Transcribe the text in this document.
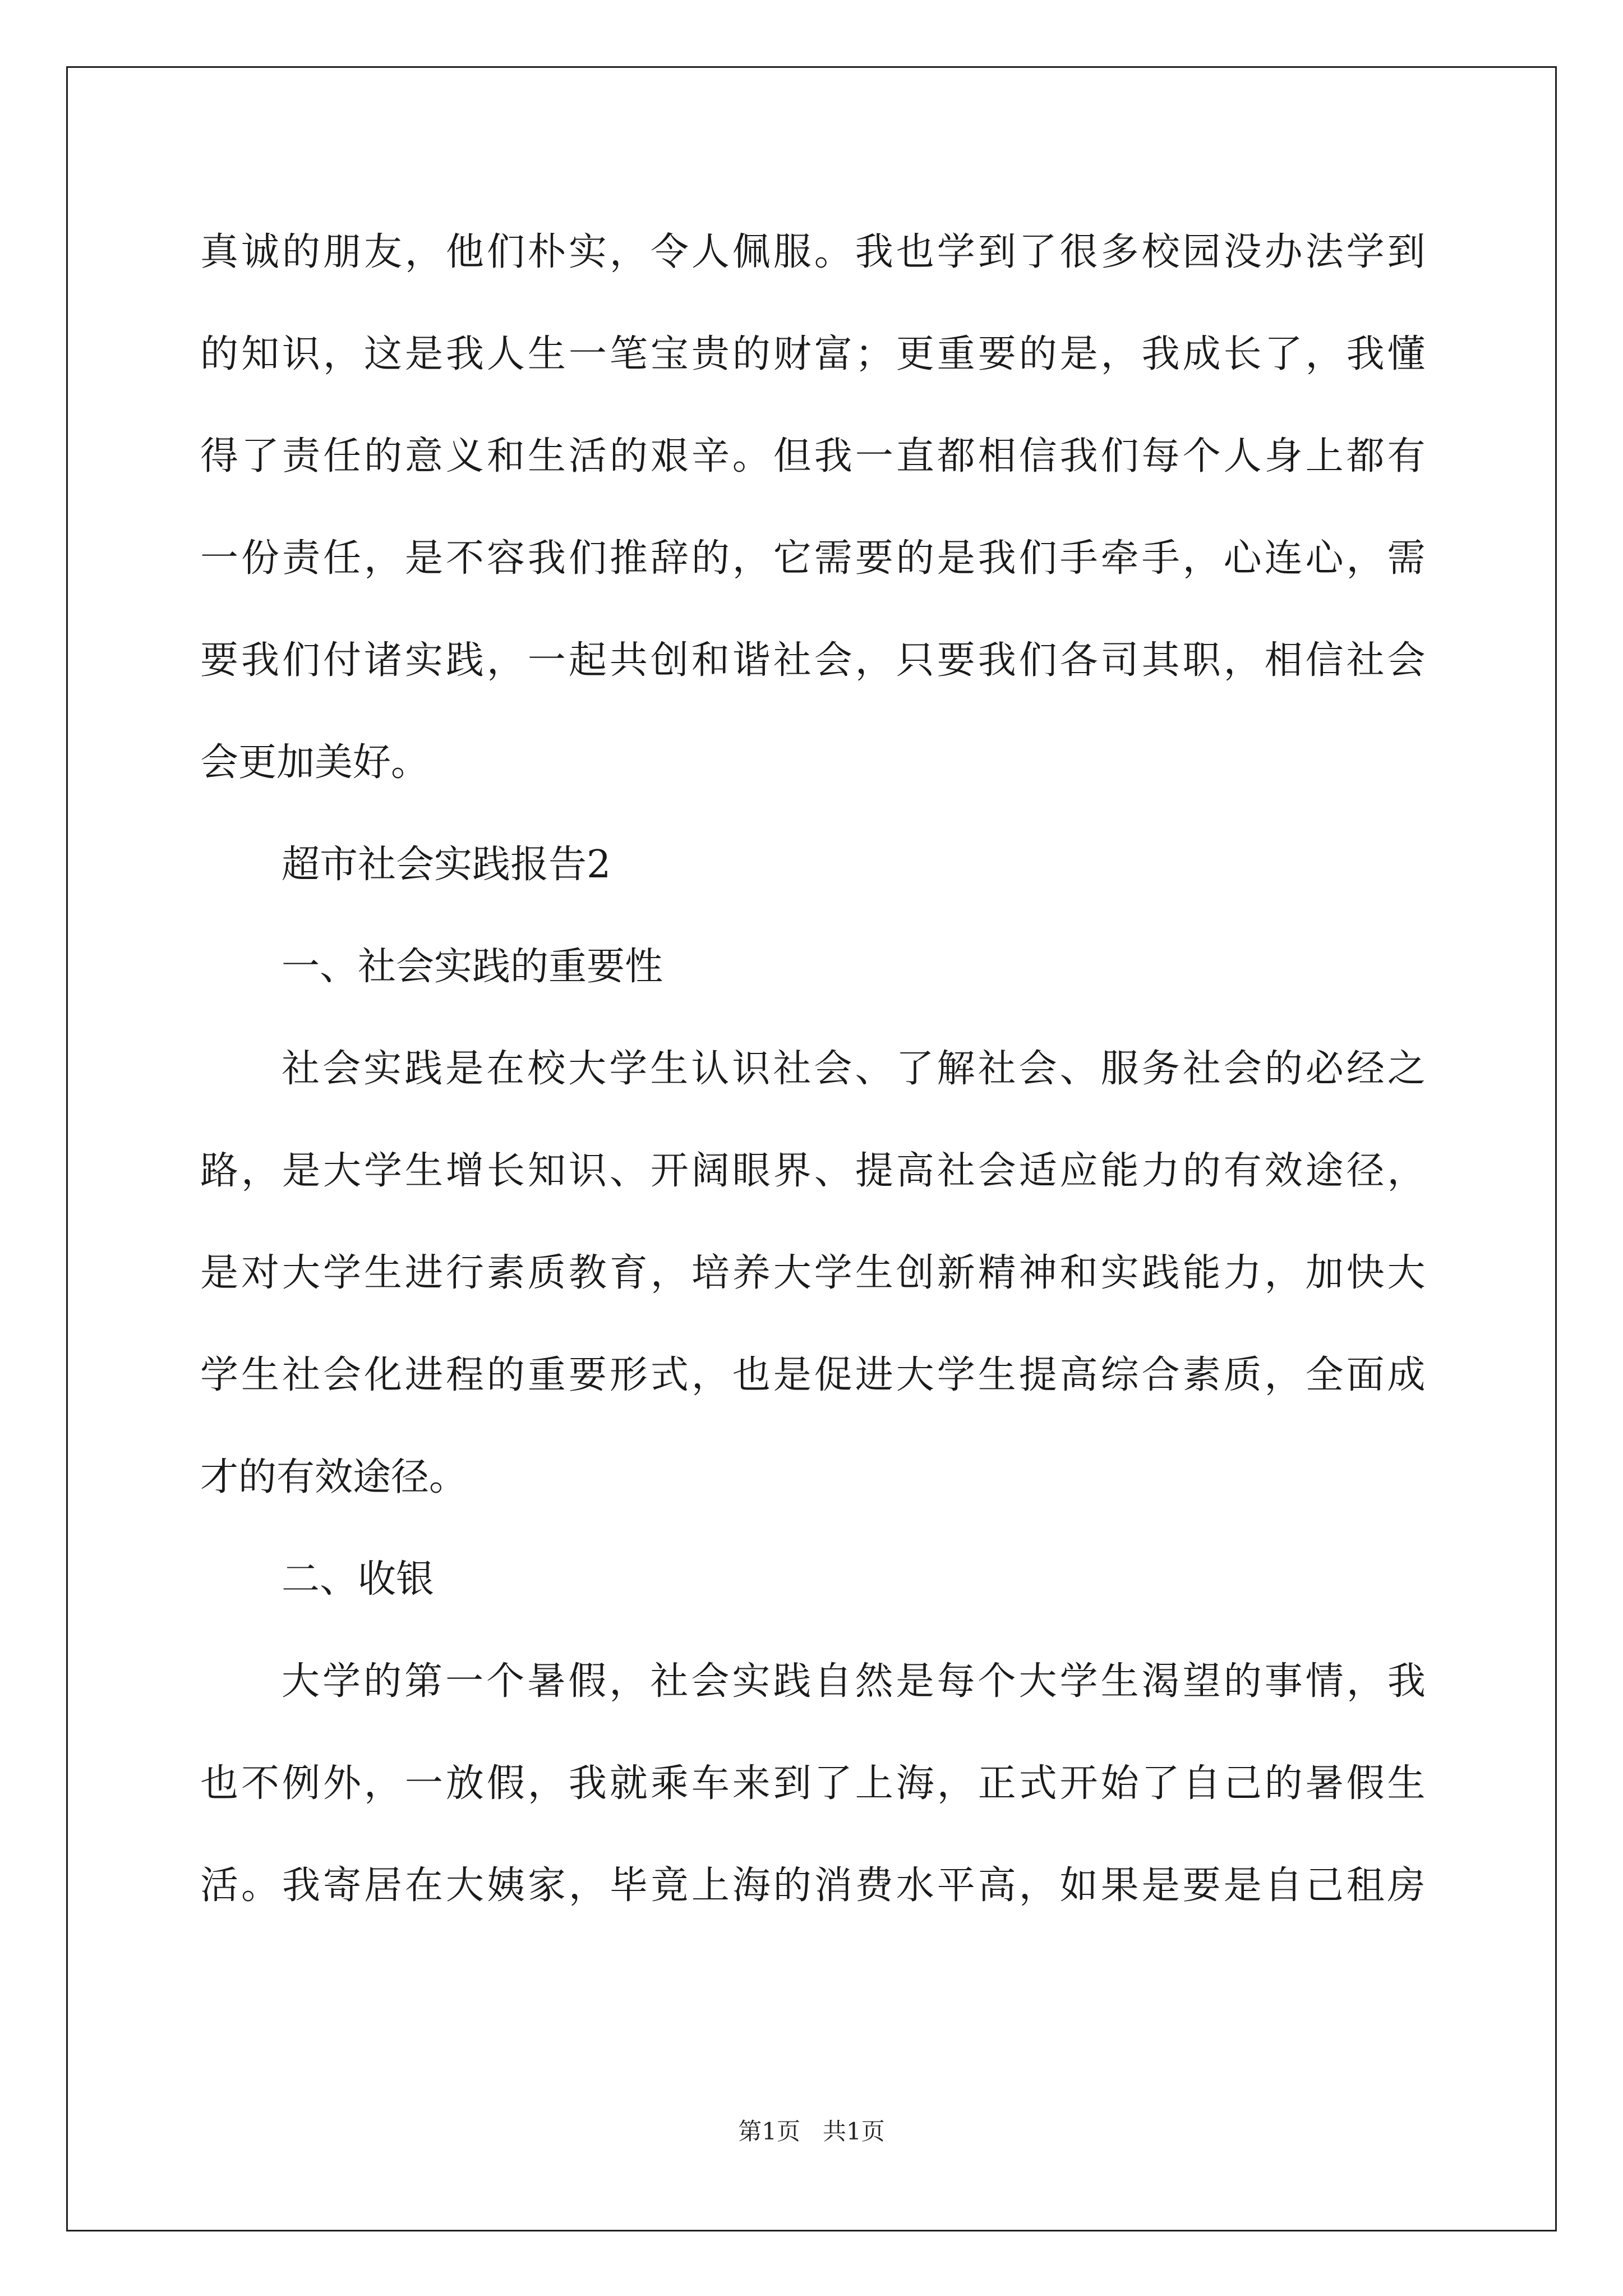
真 诚 的 朋 友 ， 他 们 朴 实 ， 令 人 佩 服 。 我 也 学 到 了 很 多 校 园 没 办 法 学 到
的 知 识 ， 这 是 我 人 生 一 笔 宝 贵 的 财 富 ； 更 重 要 的 是 ， 我 成 长 了 ， 我 懂
得 了 责 任 的 意 义 和 生 活 的 艰 辛 。 但 我 一 直 都 相 信 我 们 每 个 人 身 上 都 有
一 份 责 任 ， 是 不 容 我 们 推 辞 的 ， 它 需 要 的 是 我 们 手 牵 手 ， 心 连 心 ， 需
要 我 们 付 诸 实 践 ， 一 起 共 创 和 谐 社 会 ， 只 要 我 们 各 司 其 职 ， 相 信 社 会
会更加美好。
超市社会实践报告2
一、社会实践的重要性
社 会 实 践 是 在 校 大 学 生 认 识 社 会 、 了 解 社 会 、 服 务 社 会 的 必 经 之
路 ， 是 大 学 生 增 长 知 识 、 开 阔 眼 界 、 提 高 社 会 适 应 能 力 的 有 效 途 径 ，
是 对 大 学 生 进 行 素 质 教 育 ， 培 养 大 学 生 创 新 精 神 和 实 践 能 力 ， 加 快 大
学 生 社 会 化 进 程 的 重 要 形 式 ， 也 是 促 进 大 学 生 提 高 综 合 素 质 ， 全 面 成
才的有效途径。
二、收银
大 学 的 第 一 个 暑 假 ， 社 会 实 践 自 然 是 每 个 大 学 生 渴 望 的 事 情 ， 我
也 不 例 外 ， 一 放 假 ， 我 就 乘 车 来 到 了 上 海 ， 正 式 开 始 了 自 己 的 暑 假 生
活 。 我 寄 居 在 大 姨 家 ， 毕 竟 上 海 的 消 费 水 平 高 ， 如 果 是 要 是 自 己 租 房
第1页 共1页
